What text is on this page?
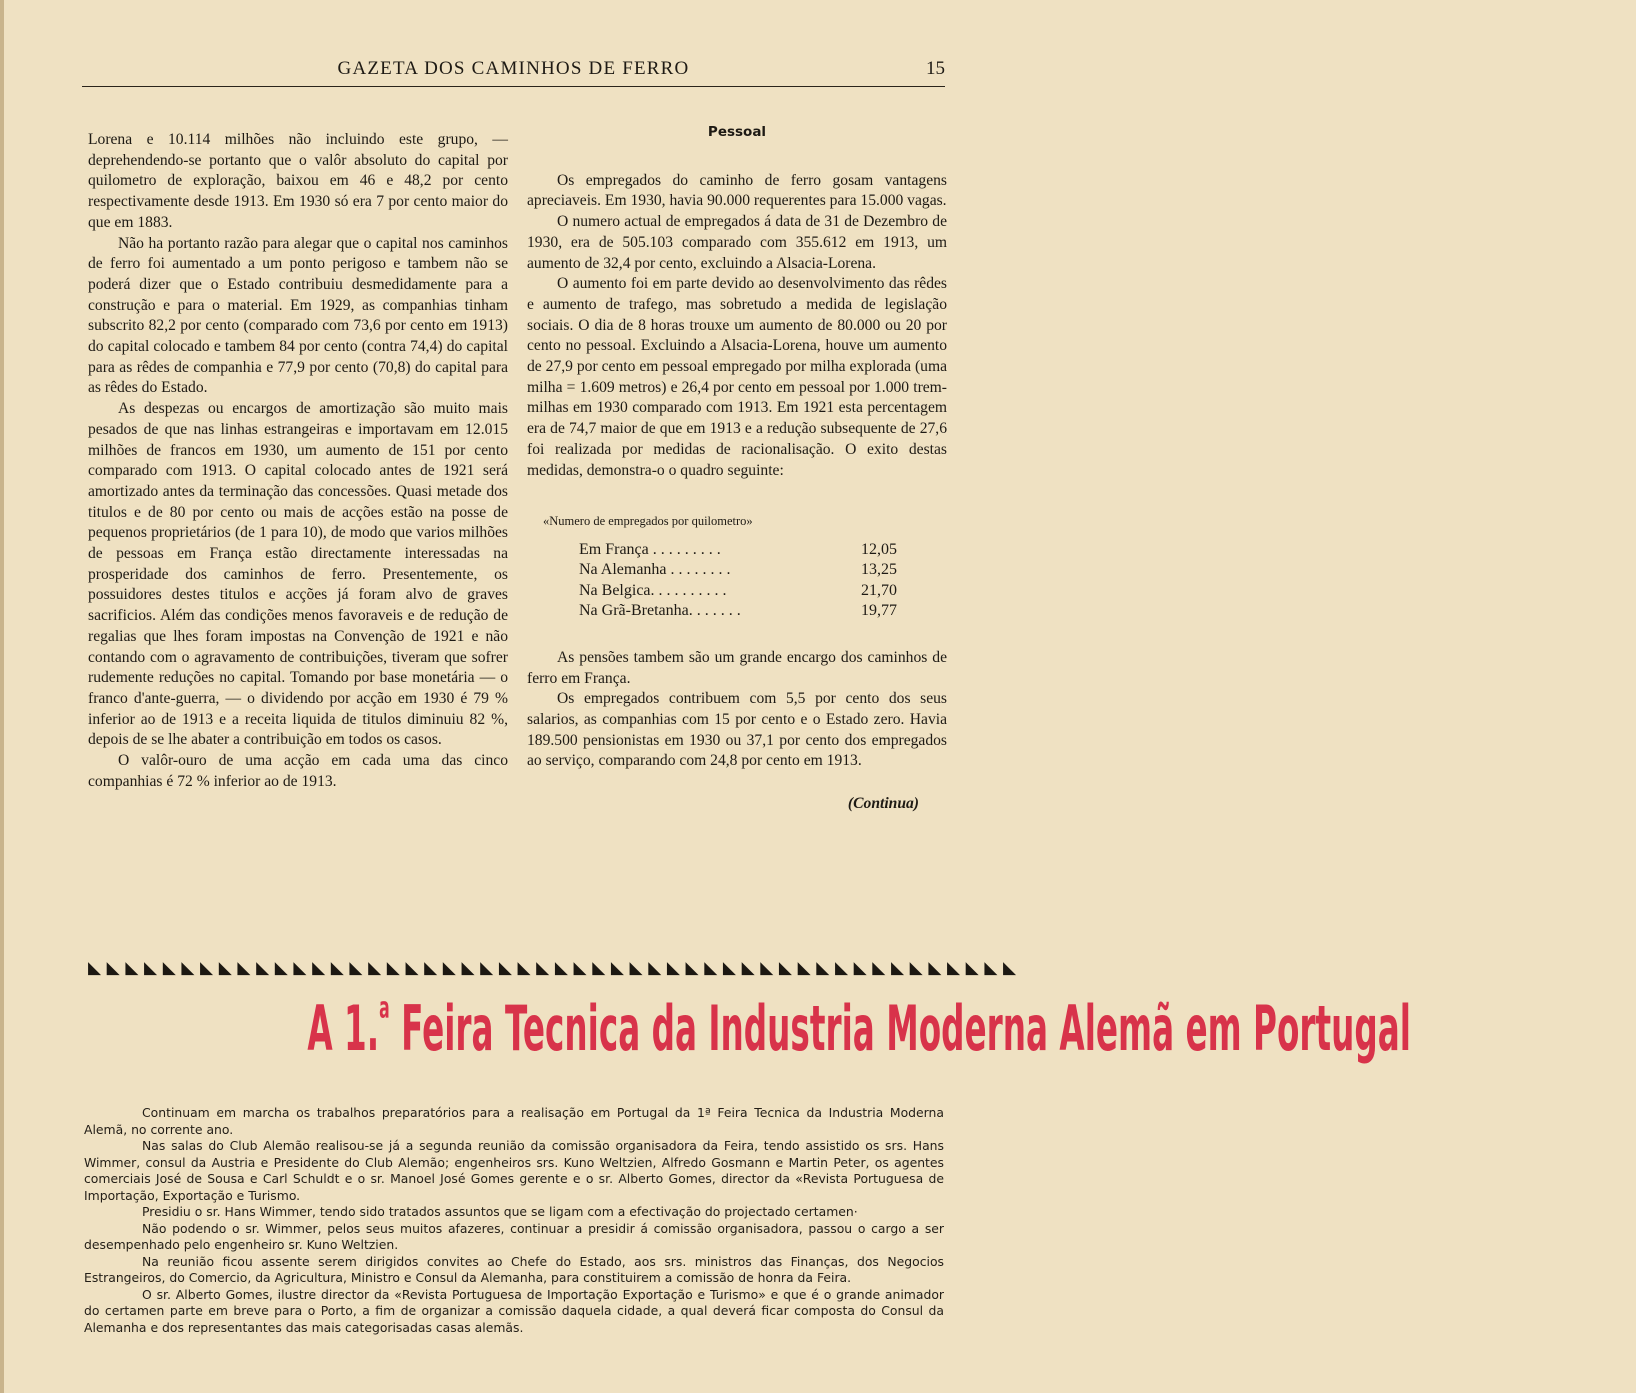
GAZETA DOS CAMINHOS DE FERRO	15

Lorena e 10.114 milhões não incluindo este grupo, — deprehendendo-se portanto que o valôr absoluto do capital por quilometro de exploração, baixou em 46 e 48,2 por cento respectivamente desde 1913. Em 1930 só era 7 por cento maior do que em 1883.

Não ha portanto razão para alegar que o capital nos caminhos de ferro foi aumentado a um ponto perigoso e tambem não se poderá dizer que o Estado contribuiu desmedidamente para a construção e para o material. Em 1929, as companhias tinham subscrito 82,2 por cento (comparado com 73,6 por cento em 1913) do capital colocado e tambem 84 por cento (contra 74,4) do capital para as rêdes de companhia e 77,9 por cento (70,8) do capital para as rêdes do Estado.

As despezas ou encargos de amortização são muito mais pesados de que nas linhas estrangeiras e importavam em 12.015 milhões de francos em 1930, um aumento de 151 por cento comparado com 1913. O capital colocado antes de 1921 será amortizado antes da terminação das concessões. Quasi metade dos titulos e de 80 por cento ou mais de acções estão na posse de pequenos proprietários (de 1 para 10), de modo que varios milhões de pessoas em França estão directamente interessadas na prosperidade dos caminhos de ferro. Presentemente, os possuidores destes titulos e acções já foram alvo de graves sacrificios. Além das condições menos favoraveis e de redução de regalias que lhes foram impostas na Convenção de 1921 e não contando com o agravamento de contribuições, tiveram que sofrer rudemente reduções no capital. Tomando por base monetária — o franco d'ante-guerra, — o dividendo por acção em 1930 é 79 % inferior ao de 1913 e a receita liquida de titulos diminuiu 82 %, depois de se lhe abater a contribuição em todos os casos.

O valôr-ouro de uma acção em cada uma das cinco companhias é 72 % inferior ao de 1913.

Pessoal

Os empregados do caminho de ferro gosam vantagens apreciaveis. Em 1930, havia 90.000 requerentes para 15.000 vagas.

O numero actual de empregados á data de 31 de Dezembro de 1930, era de 505.103 comparado com 355.612 em 1913, um aumento de 32,4 por cento, excluindo a Alsacia-Lorena.

O aumento foi em parte devido ao desenvolvimento das rêdes e aumento de trafego, mas sobretudo a medida de legislação sociais. O dia de 8 horas trouxe um aumento de 80.000 ou 20 por cento no pessoal. Excluindo a Alsacia-Lorena, houve um aumento de 27,9 por cento em pessoal empregado por milha explorada (uma milha = 1.609 metros) e 26,4 por cento em pessoal por 1.000 trem-milhas em 1930 comparado com 1913. Em 1921 esta percentagem era de 74,7 maior de que em 1913 e a redução subsequente de 27,6 foi realizada por medidas de racionalisação. O exito destas medidas, demonstra-o o quadro seguinte:

«Numero de empregados por quilometro»
Em França . . . . . . . . .	12,05
Na Alemanha . . . . . . . .	13,25
Na Belgica. . . . . . . . . .	21,70
Na Grã-Bretanha. . . . . . .	19,77

As pensões tambem são um grande encargo dos caminhos de ferro em França.

Os empregados contribuem com 5,5 por cento dos seus salarios, as companhias com 15 por cento e o Estado zero. Havia 189.500 pensionistas em 1930 ou 37,1 por cento dos empregados ao serviço, comparando com 24,8 por cento em 1913.

(Continua)
◣◣◣◣◣◣◣◣◣◣◣◣◣◣◣◣◣◣◣◣◣◣◣◣◣◣◣◣◣◣◣◣◣◣◣◣◣◣◣◣◣◣◣◣◣◣◣◣◣◣
A 1.$^a$ Feira Tecnica da Industria Moderna Alemã em Portugal

Continuam em marcha os trabalhos preparatórios para a realisação em Portugal da 1ª Feira Tecnica da Industria Moderna Alemã, no corrente ano.

Nas salas do Club Alemão realisou-se já a segunda reunião da comissão organisadora da Feira, tendo assistido os srs. Hans Wimmer, consul da Austria e Presidente do Club Alemão; engenheiros srs. Kuno Weltzien, Alfredo Gosmann e Martin Peter, os agentes comerciais José de Sousa e Carl Schuldt e o sr. Manoel José Gomes gerente e o sr. Alberto Gomes, director da «Revista Portuguesa de Importação, Exportação e Turismo.

Presidiu o sr. Hans Wimmer, tendo sido tratados assuntos que se ligam com a efectivação do projectado certamen·

Não podendo o sr. Wimmer, pelos seus muitos afazeres, continuar a presidir á comissão organisadora, passou o cargo a ser desempenhado pelo engenheiro sr. Kuno Weltzien.

Na reunião ficou assente serem dirigidos convites ao Chefe do Estado, aos srs. ministros das Finanças, dos Negocios Estrangeiros, do Comercio, da Agricultura, Ministro e Consul da Alemanha, para constituirem a comissão de honra da Feira.

O sr. Alberto Gomes, ilustre director da «Revista Portuguesa de Importação Exportação e Turismo» e que é o grande animador do certamen parte em breve para o Porto, a fim de organizar a comissão daquela cidade, a qual deverá ficar composta do Consul da Alemanha e dos representantes das mais categorisadas casas alemãs.
